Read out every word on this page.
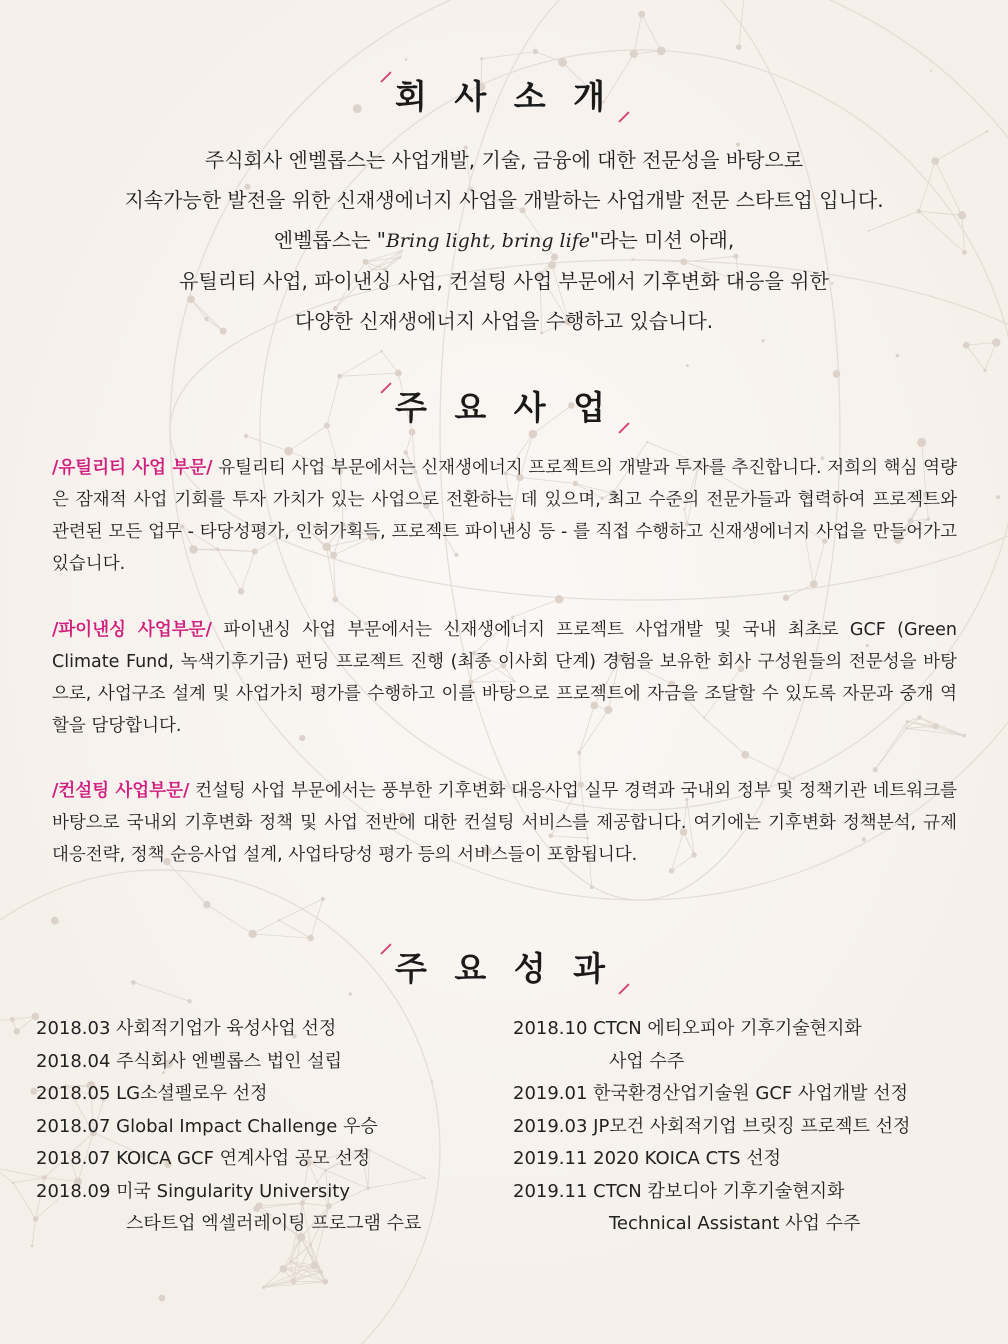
회 사 소 개
주식회사 엔벨롭스는 사업개발, 기술, 금융에 대한 전문성을 바탕으로
지속가능한 발전을 위한 신재생에너지 사업을 개발하는 사업개발 전문 스타트업 입니다.
엔벨롭스는 "Bring light, bring life"라는 미션 아래,
유틸리티 사업, 파이낸싱 사업, 컨설팅 사업 부문에서 기후변화 대응을 위한
다양한 신재생에너지 사업을 수행하고 있습니다.
주 요 사 업
/유틸리티 사업 부문/ 유틸리티 사업 부문에서는 신재생에너지 프로젝트의 개발과 투자를 추진합니다. 저희의 핵심 역량은 잠재적 사업 기회를 투자 가치가 있는 사업으로 전환하는 데 있으며, 최고 수준의 전문가들과 협력하여 프로젝트와 관련된 모든 업무 - 타당성평가, 인허가획득, 프로젝트 파이낸싱 등 - 를 직접 수행하고 신재생에너지 사업을 만들어가고 있습니다.
/파이낸싱 사업부문/ 파이낸싱 사업 부문에서는 신재생에너지 프로젝트 사업개발 및 국내 최초로 GCF (Green Climate Fund, 녹색기후기금) 펀딩 프로젝트 진행 (최종 이사회 단계) 경험을 보유한 회사 구성원들의 전문성을 바탕으로, 사업구조 설계 및 사업가치 평가를 수행하고 이를 바탕으로 프로젝트에 자금을 조달할 수 있도록 자문과 중개 역할을 담당합니다.
/컨설팅 사업부문/ 컨설팅 사업 부문에서는 풍부한 기후변화 대응사업 실무 경력과 국내외 정부 및 정책기관 네트워크를 바탕으로 국내외 기후변화 정책 및 사업 전반에 대한 컨설팅 서비스를 제공합니다. 여기에는 기후변화 정책분석, 규제 대응전략, 정책 순응사업 설계, 사업타당성 평가 등의 서비스들이 포함됩니다.
주 요 성 과
2018.03 사회적기업가 육성사업 선정
2018.04 주식회사 엔벨롭스 법인 설립
2018.05 LG소셜펠로우 선정
2018.07 Global Impact Challenge 우승
2018.07 KOICA GCF 연계사업 공모 선정
2018.09 미국 Singularity University
스타트업 엑셀러레이팅 프로그램 수료
2018.10 CTCN 에티오피아 기후기술현지화
사업 수주
2019.01 한국환경산업기술원 GCF 사업개발 선정
2019.03 JP모건 사회적기업 브릿징 프로젝트 선정
2019.11 2020 KOICA CTS 선정
2019.11 CTCN 캄보디아 기후기술현지화
Technical Assistant 사업 수주
